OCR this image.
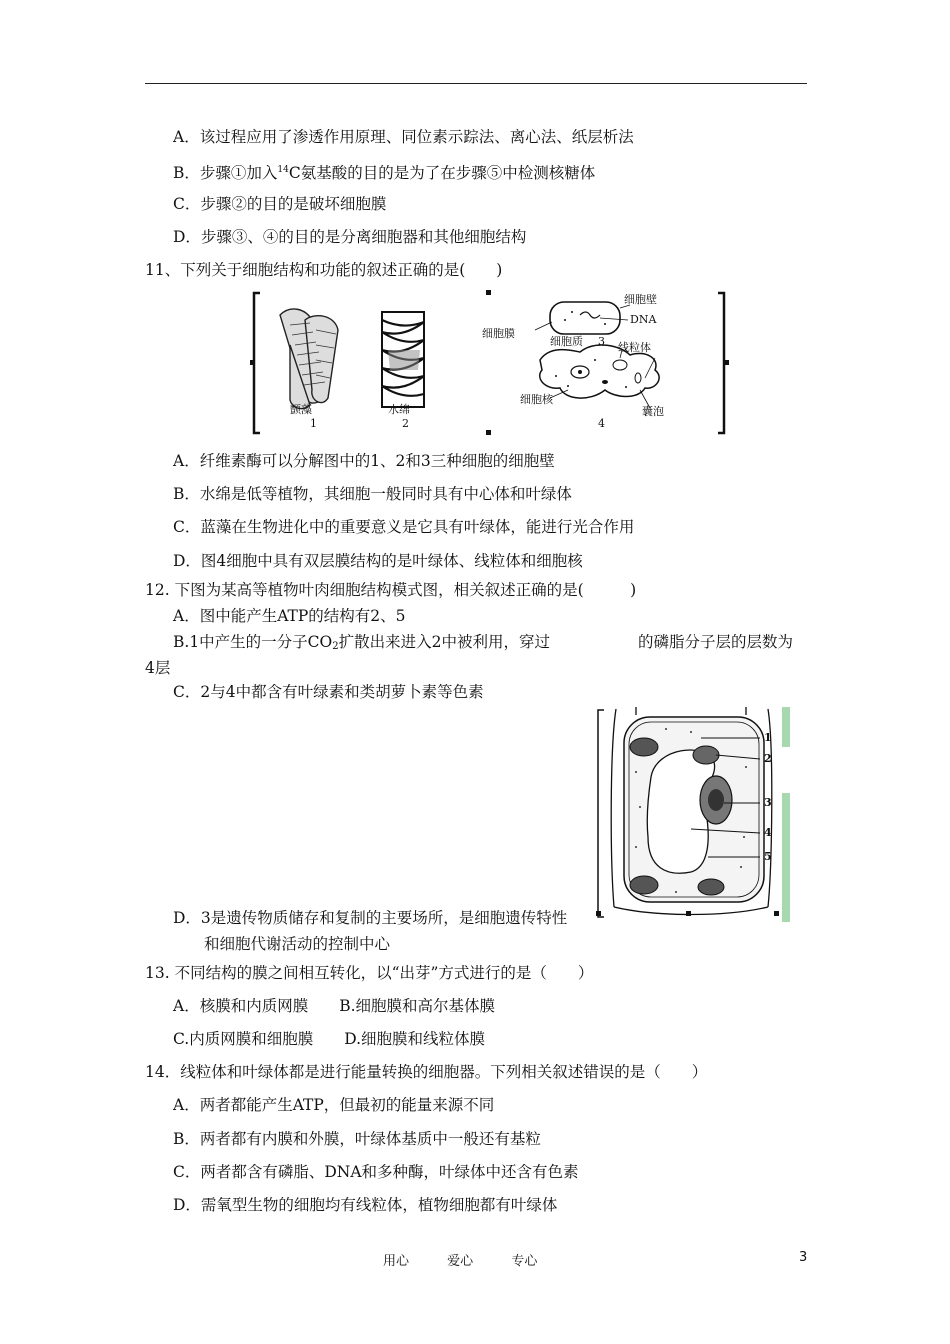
A．该过程应用了渗透作用原理、同位素示踪法、离心法、纸层析法
B．步骤①加入$^{14}$C氨基酸的目的是为了在步骤⑤中检测核糖体
C．步骤②的目的是破坏细胞膜
D．步骤③、④的目的是分离细胞器和其他细胞结构
11、下列关于细胞结构和功能的叙述正确的是(　　)
颤藻
1
水绵
2
细胞壁
DNA
细胞膜
细胞质 3 线粒体
细胞核
囊泡
4
A．纤维素酶可以分解图中的1、2和3三种细胞的细胞壁
B．水绵是低等植物，其细胞一般同时具有中心体和叶绿体
C．蓝藻在生物进化中的重要意义是它具有叶绿体，能进行光合作用
D．图4细胞中具有双层膜结构的是叶绿体、线粒体和细胞核
12. 下图为某高等植物叶肉细胞结构模式图，相关叙述正确的是(　　　)
A．图中能产生ATP的结构有2、5
B.1中产生的一分子$CO_2$扩散出来进入2中被利用，穿过	的磷脂分子层的层数为
4层
C．2与4中都含有叶绿素和类胡萝卜素等色素
1
2
3
4
5
D．3是遗传物质储存和复制的主要场所，是细胞遗传特性
和细胞代谢活动的控制中心
13. 不同结构的膜之间相互转化，以“出芽”方式进行的是（　　）
A．核膜和内质网膜　　B.细胞膜和高尔基体膜
C.内质网膜和细胞膜　　D.细胞膜和线粒体膜
14．线粒体和叶绿体都是进行能量转换的细胞器。下列相关叙述错误的是（　　）
A．两者都能产生ATP，但最初的能量来源不同
B．两者都有内膜和外膜，叶绿体基质中一般还有基粒
C．两者都含有磷脂、DNA和多种酶，叶绿体中还含有色素
D．需氧型生物的细胞均有线粒体，植物细胞都有叶绿体
用心	爱心	专心	3
